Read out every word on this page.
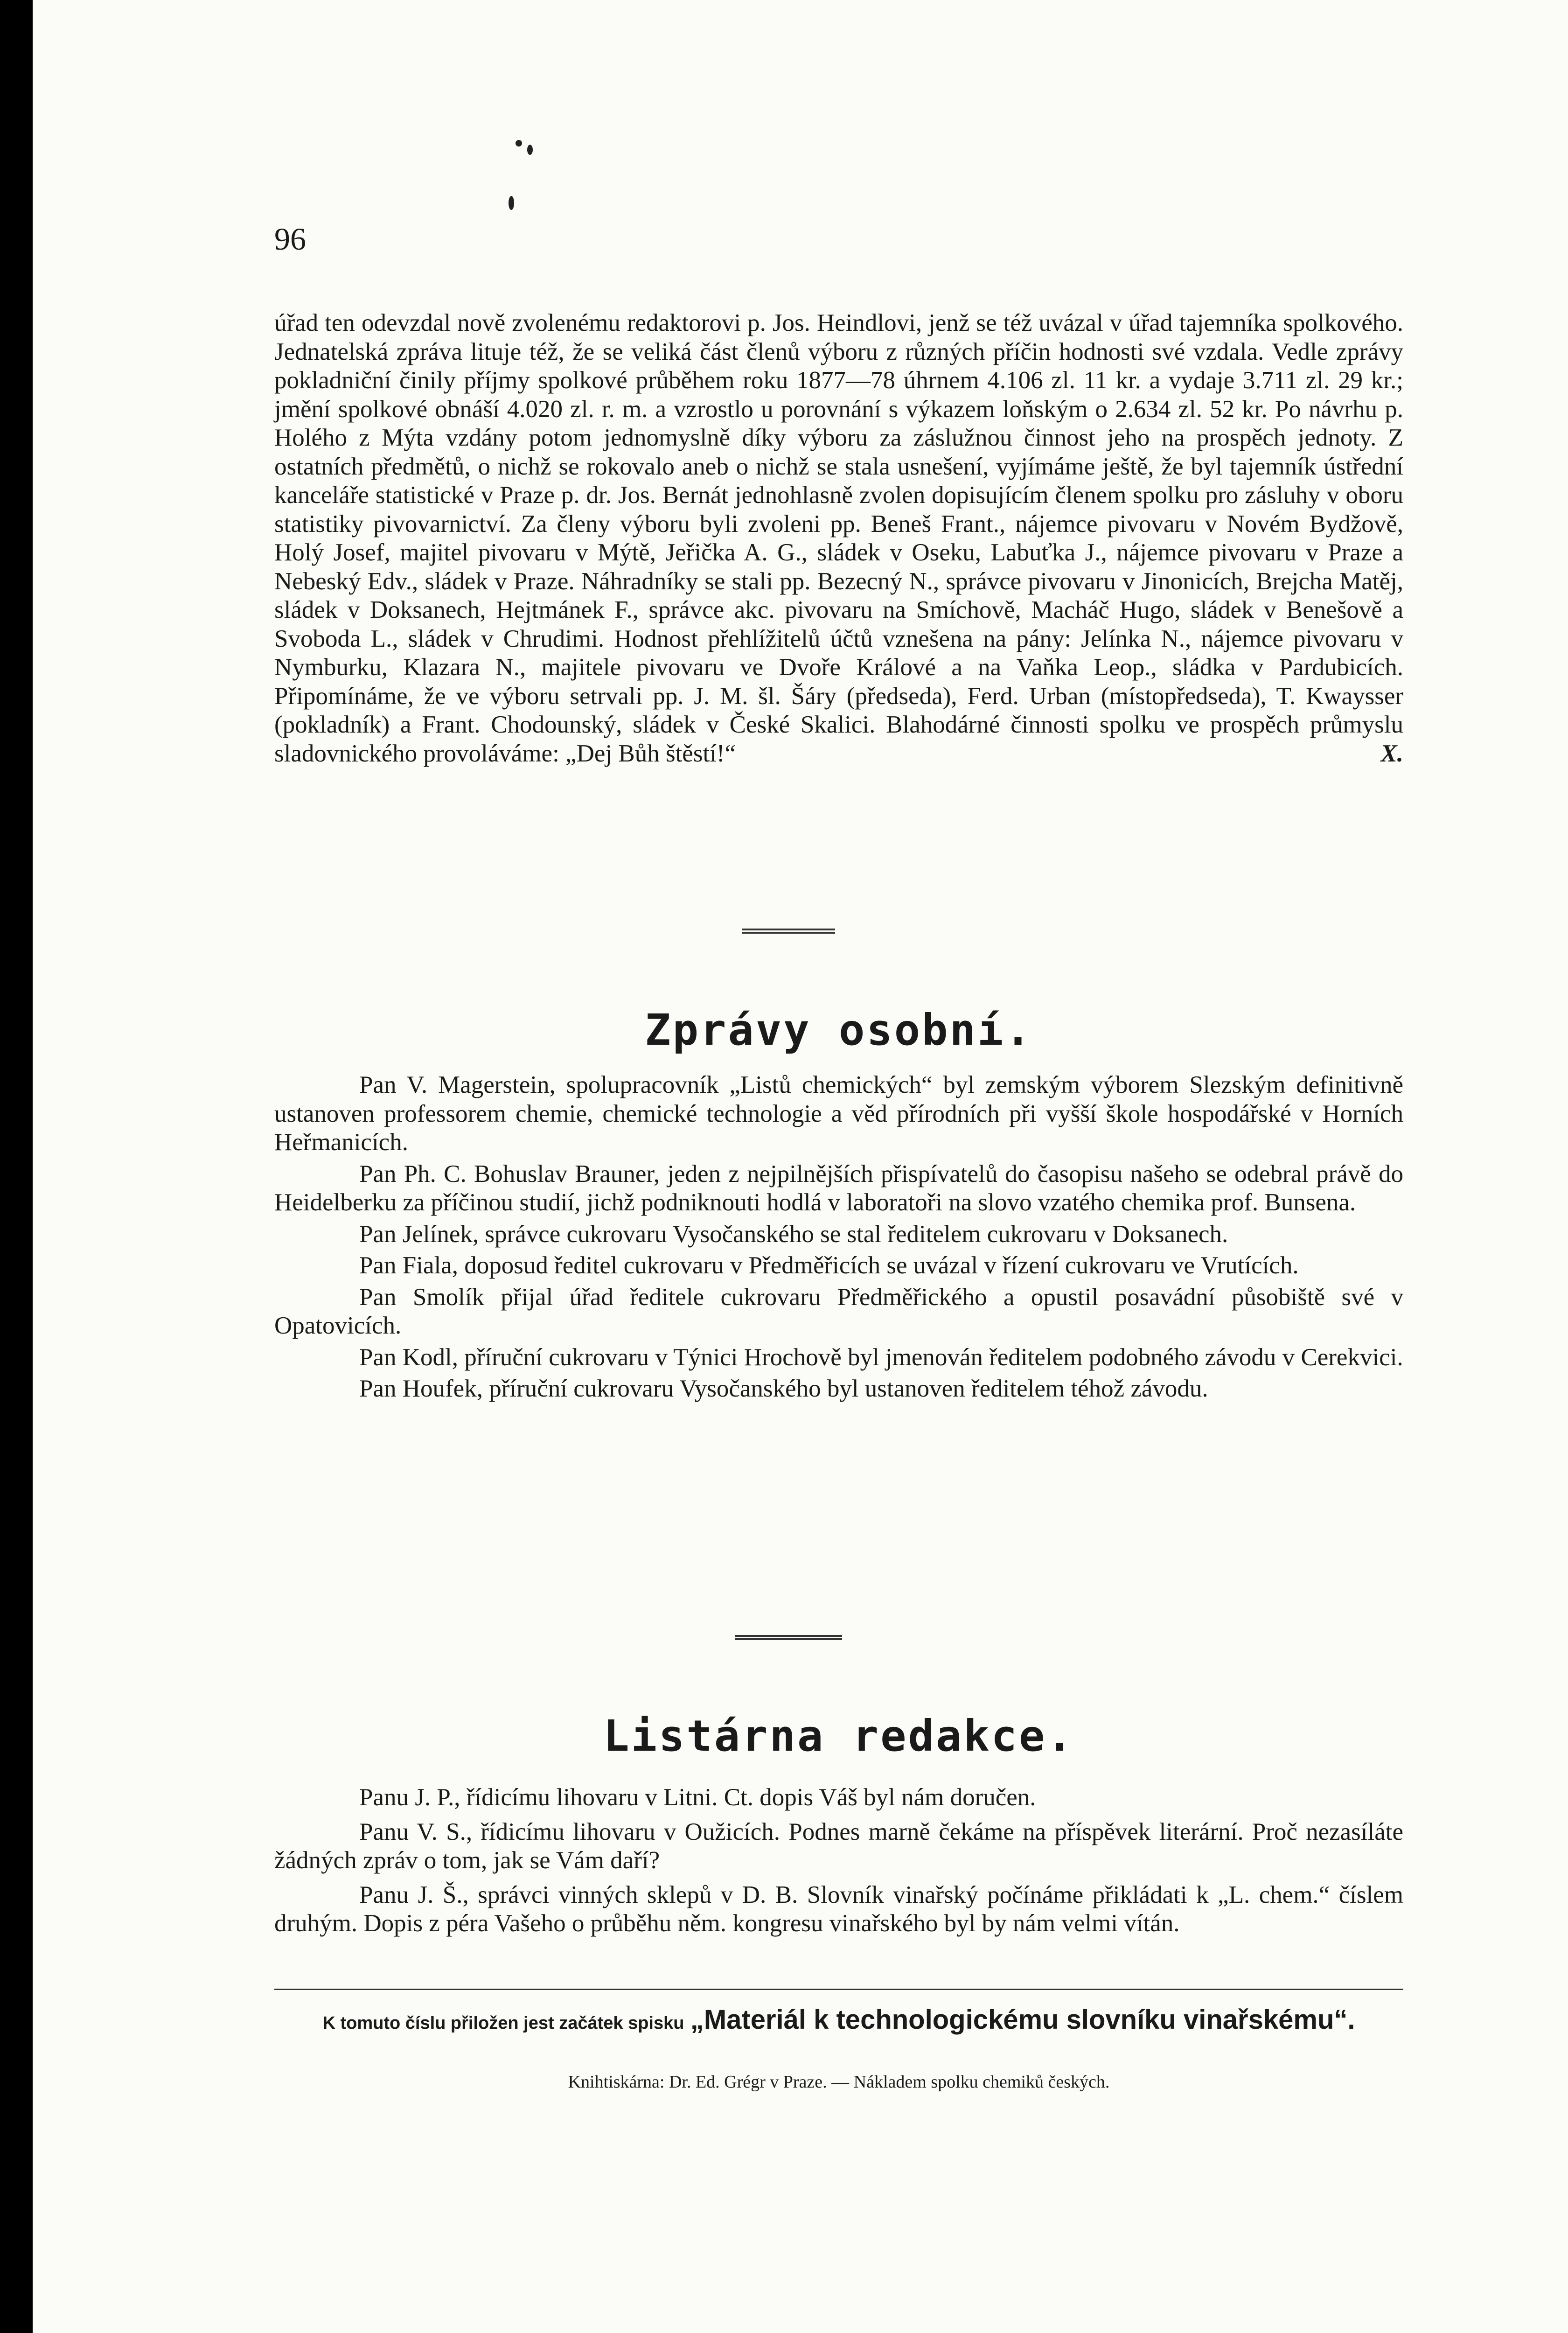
96

úřad ten odevzdal nově zvolenému redaktorovi p. Jos. Heindlovi, jenž se též uvázal v úřad tajemníka spolkového. Jednatelská zpráva lituje též, že se veliká část členů výboru z různých příčin hodnosti své vzdala. Vedle zprávy pokladniční činily příjmy spolkové průběhem roku 1877—78 úhrnem 4.106 zl. 11 kr. a vydaje 3.711 zl. 29 kr.; jmění spolkové obnáší 4.020 zl. r. m. a vzrostlo u porovnání s výkazem loňským o 2.634 zl. 52 kr. Po návrhu p. Holého z Mýta vzdány potom jednomyslně díky výboru za záslužnou činnost jeho na prospěch jednoty. Z ostatních předmětů, o nichž se rokovalo aneb o nichž se stala usnešení, vyjímáme ještě, že byl tajemník ústřední kanceláře statistické v Praze p. dr. Jos. Bernát jednohlasně zvolen dopisujícím členem spolku pro zásluhy v oboru statistiky pivovarnictví. Za členy výboru byli zvoleni pp. Beneš Frant., nájemce pivovaru v Novém Bydžově, Holý Josef, majitel pivovaru v Mýtě, Jeřička A. G., sládek v Oseku, Labuťka J., nájemce pivovaru v Praze a Nebeský Edv., sládek v Praze. Náhradníky se stali pp. Bezecný N., správce pivovaru v Jinonicích, Brejcha Matěj, sládek v Doksanech, Hejtmánek F., správce akc. pivovaru na Smíchově, Macháč Hugo, sládek v Benešově a Svoboda L., sládek v Chrudimi. Hodnost přehlížitelů účtů vznešena na pány: Jelínka N., nájemce pivovaru v Nymburku, Klazara N., majitele pivovaru ve Dvoře Králové a na Vaňka Leop., sládka v Pardubicích. Připomínáme, že ve výboru setrvali pp. J. M. šl. Šáry (předseda), Ferd. Urban (místopředseda), T. Kwaysser (pokladník) a Frant. Chodounský, sládek v České Skalici. Blahodárné činnosti spolku ve prospěch průmyslu sladovnického provoláváme: „Dej Bůh štěstí!“	X.

Zprávy osobní.

Pan V. Magerstein, spolupracovník „Listů chemických“ byl zemským výborem Slezským definitivně ustanoven professorem chemie, chemické technologie a věd přírodních při vyšší škole hospodářské v Horních Heřmanicích.

Pan Ph. C. Bohuslav Brauner, jeden z nejpilnějších přispívatelů do časopisu našeho se odebral právě do Heidelberku za příčinou studií, jichž podniknouti hodlá v laboratoři na slovo vzatého chemika prof. Bunsena.

Pan Jelínek, správce cukrovaru Vysočanského se stal ředitelem cukrovaru v Doksanech.

Pan Fiala, doposud ředitel cukrovaru v Předměřicích se uvázal v řízení cukrovaru ve Vrutících.

Pan Smolík přijal úřad ředitele cukrovaru Předměřického a opustil posavádní působiště své v Opatovicích.

Pan Kodl, příruční cukrovaru v Týnici Hrochově byl jmenován ředitelem podobného závodu v Cerekvici.

Pan Houfek, příruční cukrovaru Vysočanského byl ustanoven ředitelem téhož závodu.

Listárna redakce.

Panu J. P., řídicímu lihovaru v Litni. Ct. dopis Váš byl nám doručen.

Panu V. S., řídicímu lihovaru v Oužicích. Podnes marně čekáme na příspěvek literární. Proč nezasíláte žádných zpráv o tom, jak se Vám daří?

Panu J. Š., správci vinných sklepů v D. B. Slovník vinařský počínáme přikládati k „L. chem.“ číslem druhým. Dopis z péra Vašeho o průběhu něm. kongresu vinařského byl by nám velmi vítán.

K tomuto číslu přiložen jest začátek spisku „Materiál k technologickému slovníku vinařskému“.
Knihtiskárna: Dr. Ed. Grégr v Praze. — Nákladem spolku chemiků českých.
